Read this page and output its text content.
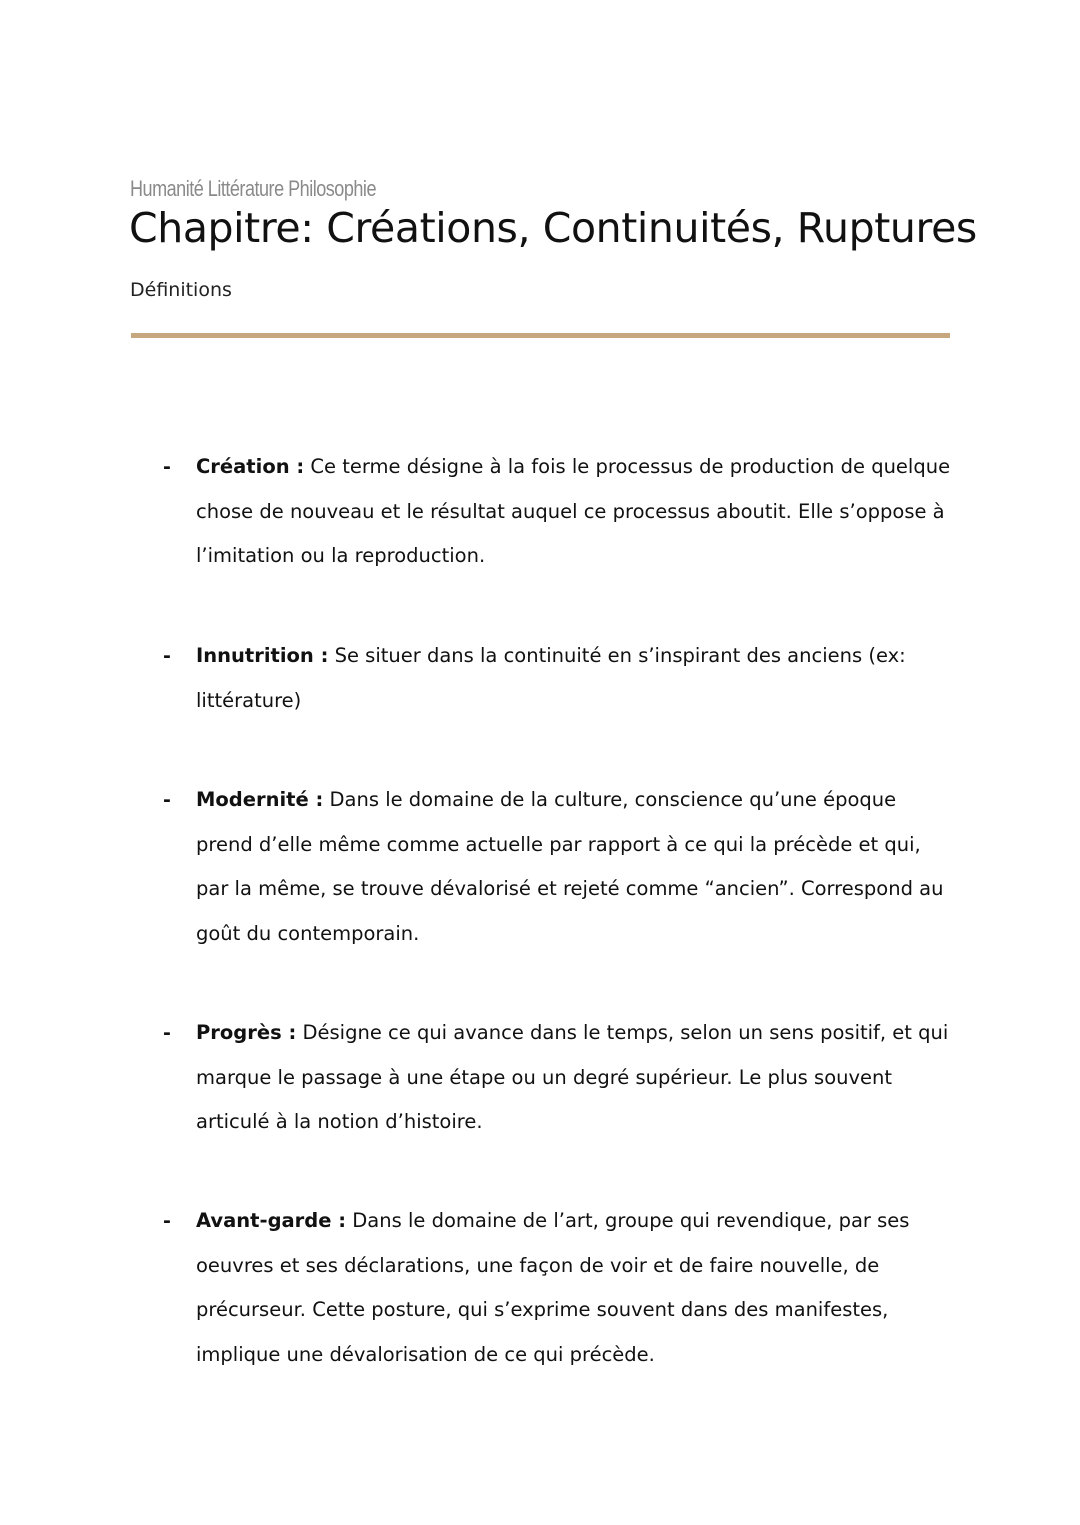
Humanité Littérature Philosophie
Chapitre: Créations, Continuités, Ruptures
Définitions
- Création : Ce terme désigne à la fois le processus de production de quelque chose de nouveau et le résultat auquel ce processus aboutit. Elle s’oppose à l’imitation ou la reproduction.
- Innutrition : Se situer dans la continuité en s’inspirant des anciens (ex: littérature)
- Modernité : Dans le domaine de la culture, conscience qu’une époque prend d’elle même comme actuelle par rapport à ce qui la précède et qui, par la même, se trouve dévalorisé et rejeté comme “ancien”. Correspond au goût du contemporain.
- Progrès : Désigne ce qui avance dans le temps, selon un sens positif, et qui marque le passage à une étape ou un degré supérieur. Le plus souvent articulé à la notion d’histoire.
- Avant-garde : Dans le domaine de l’art, groupe qui revendique, par ses oeuvres et ses déclarations, une façon de voir et de faire nouvelle, de précurseur. Cette posture, qui s’exprime souvent dans des manifestes, implique une dévalorisation de ce qui précède.
